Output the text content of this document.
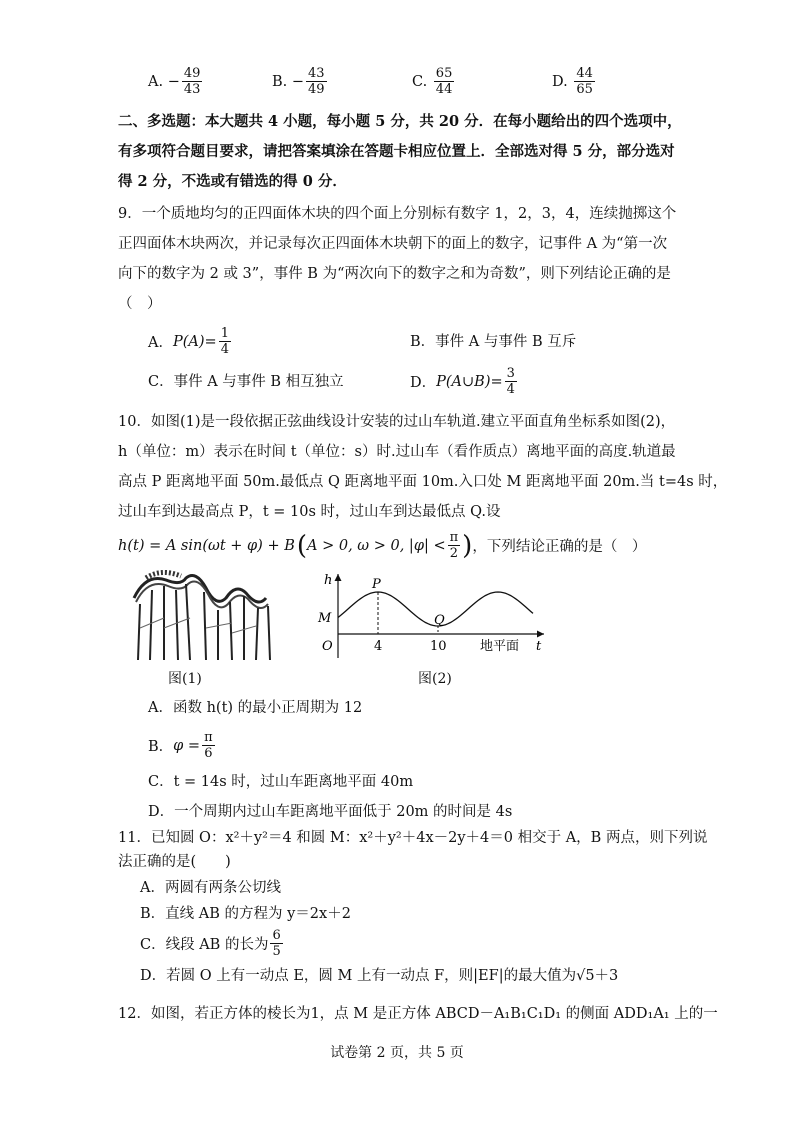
A.
− $\frac{49}{43}$	B.
− $\frac{43}{49}$	C.
$\frac{65}{44}$	D.
$\frac{44}{65}$
二、多选题：本大题共 4 小题，每小题 5 分，共 20 分．在每小题给出的四个选项中，
有多项符合题目要求，请把答案填涂在答题卡相应位置上．全部选对得 5 分，部分选对
得 2 分，不选或有错选的得 0 分．
9．一个质地均匀的正四面体木块的四个面上分别标有数字 1，2，3，4，连续抛掷这个
正四面体木块两次，并记录每次正四面体木块朝下的面上的数字，记事件 A 为“第一次
向下的数字为 2 或 3”，事件 B 为“两次向下的数字之和为奇数”，则下列结论正确的是
（　）
A． $P(A)= \frac{1}{4}$	B．事件 A 与事件 B 互斥
C．事件 A 与事件 B 相互独立	D． P(A∪B)= $\frac{3}{4}$
10．如图(1)是一段依据正弦曲线设计安装的过山车轨道.建立平面直角坐标系如图(2)，
h（单位：m）表示在时间 t（单位：s）时.过山车（看作质点）离地平面的高度.轨道最
高点 P 距离地平面 50m.最低点 Q 距离地平面 10m.入口处 M 距离地平面 20m.当 t=4s 时，
过山车到达最高点 P，t = 10s 时，过山车到达最低点 Q.设
h(t) = A sin(ωt + φ) + B ( A > 0, ω > 0, $|\varphi| < \frac{\pi}{2}$ ) ，下列结论正确的是（　）
图(1)
h
t
O
M
P
Q
4	10	地平面
图(2)
A．函数 h(t) 的最小正周期为 12
B． $\varphi = \frac{\pi}{6}$
C．t = 14s 时，过山车距离地平面 40m
D．一个周期内过山车距离地平面低于 20m 的时间是 4s
11．已知圆 O：x²＋y²＝4 和圆 M：x²＋y²＋4x－2y＋4＝0 相交于 A，B 两点，则下列说
法正确的是(　　)
A．两圆有两条公切线
B．直线 AB 的方程为 y＝2x＋2
C．线段 AB 的长为 $\frac{6}{5}$
D．若圆 O 上有一动点 E，圆 M 上有一动点 F，则|EF|的最大值为√5＋3
12．如图，若正方体的棱长为1，点 M 是正方体 ABCD－A₁B₁C₁D₁ 的侧面 ADD₁A₁ 上的一
试卷第 2 页，共 5 页
